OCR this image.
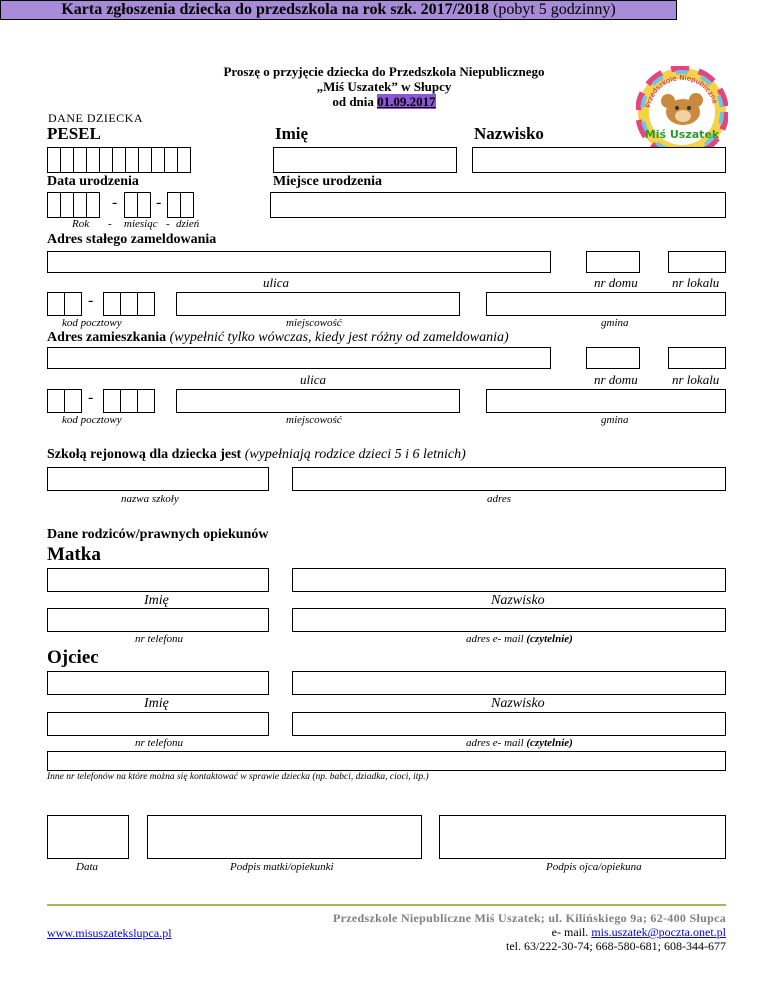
Karta zgłoszenia dziecka do przedszkola na rok szk. 2017/2018 (pobyt 5 godzinny)
Proszę o przyjęcie dziecka do Przedszkola Niepublicznego
„Miś Uszatek” w Słupcy
od dnia 01.09.2017	Przedszkole Niepubliczne
Miś Uszatek
DANE DZIECKA
PESEL	Imię	Nazwisko
Data urodzenia	Miejsce urodzenia
- -
Rok - miesiąc - dzień
Adres stałego zameldowania
ulica	nr domu	nr lokalu
-
kod pocztowy	miejscowość	gmina
Adres zamieszkania (wypełnić tylko wówczas, kiedy jest różny od zameldowania)
ulica	nr domu	nr lokalu
-
kod pocztowy	miejscowość	gmina
Szkołą rejonową dla dziecka jest (wypełniają rodzice dzieci 5 i 6 letnich)
nazwa szkoły	adres
Dane rodziców/prawnych opiekunów
Matka
Imię	Nazwisko
nr telefonu	adres e- mail (czytelnie)
Ojciec
Imię	Nazwisko
nr telefonu	adres e- mail (czytelnie)
Inne nr telefonów na które można się kontaktować w sprawie dziecka (np. babci, dziadka, cioci, itp.)
Data	Podpis matki/opiekunki	Podpis ojca/opiekuna
www.misuszatekslupca.pl
Przedszkole Niepubliczne Miś Uszatek; ul. Kilińskiego 9a; 62-400 Słupca
e- mail. mis.uszatek@poczta.onet.pl
tel. 63/222-30-74; 668-580-681; 608-344-677
